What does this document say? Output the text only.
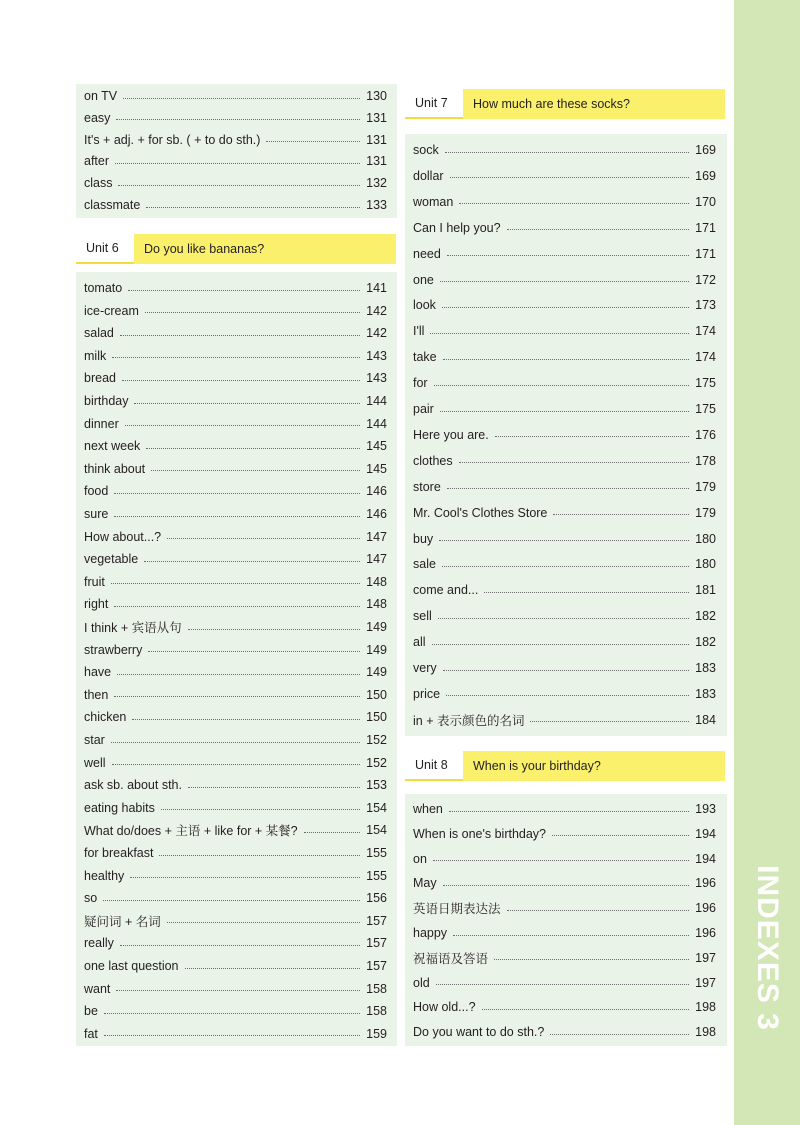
INDEXES 3
on TV	130
easy	131
It's + adj. + for sb. ( + to do sth.)	131
after	131
class	132
classmate	133
Unit 6	Do you like bananas?
tomato	141
ice-cream	142
salad	142
milk	143
bread	143
birthday	144
dinner	144
next week	145
think about	145
food	146
sure	146
How about...?	147
vegetable	147
fruit	148
right	148
I think + 宾语从句	149
strawberry	149
have	149
then	150
chicken	150
star	152
well	152
ask sb. about sth.	153
eating habits	154
What do/does + 主语 + like for + 某餐?	154
for breakfast	155
healthy	155
so	156
疑问词 + 名词	157
really	157
one last question	157
want	158
be	158
fat	159
Unit 7	How much are these socks?
sock	169
dollar	169
woman	170
Can I help you?	171
need	171
one	172
look	173
I'll	174
take	174
for	175
pair	175
Here you are.	176
clothes	178
store	179
Mr. Cool's Clothes Store	179
buy	180
sale	180
come and...	181
sell	182
all	182
very	183
price	183
in + 表示颜色的名词	184
Unit 8	When is your birthday?
when	193
When is one's birthday?	194
on	194
May	196
英语日期表达法	196
happy	196
祝福语及答语	197
old	197
How old...?	198
Do you want to do sth.?	198
